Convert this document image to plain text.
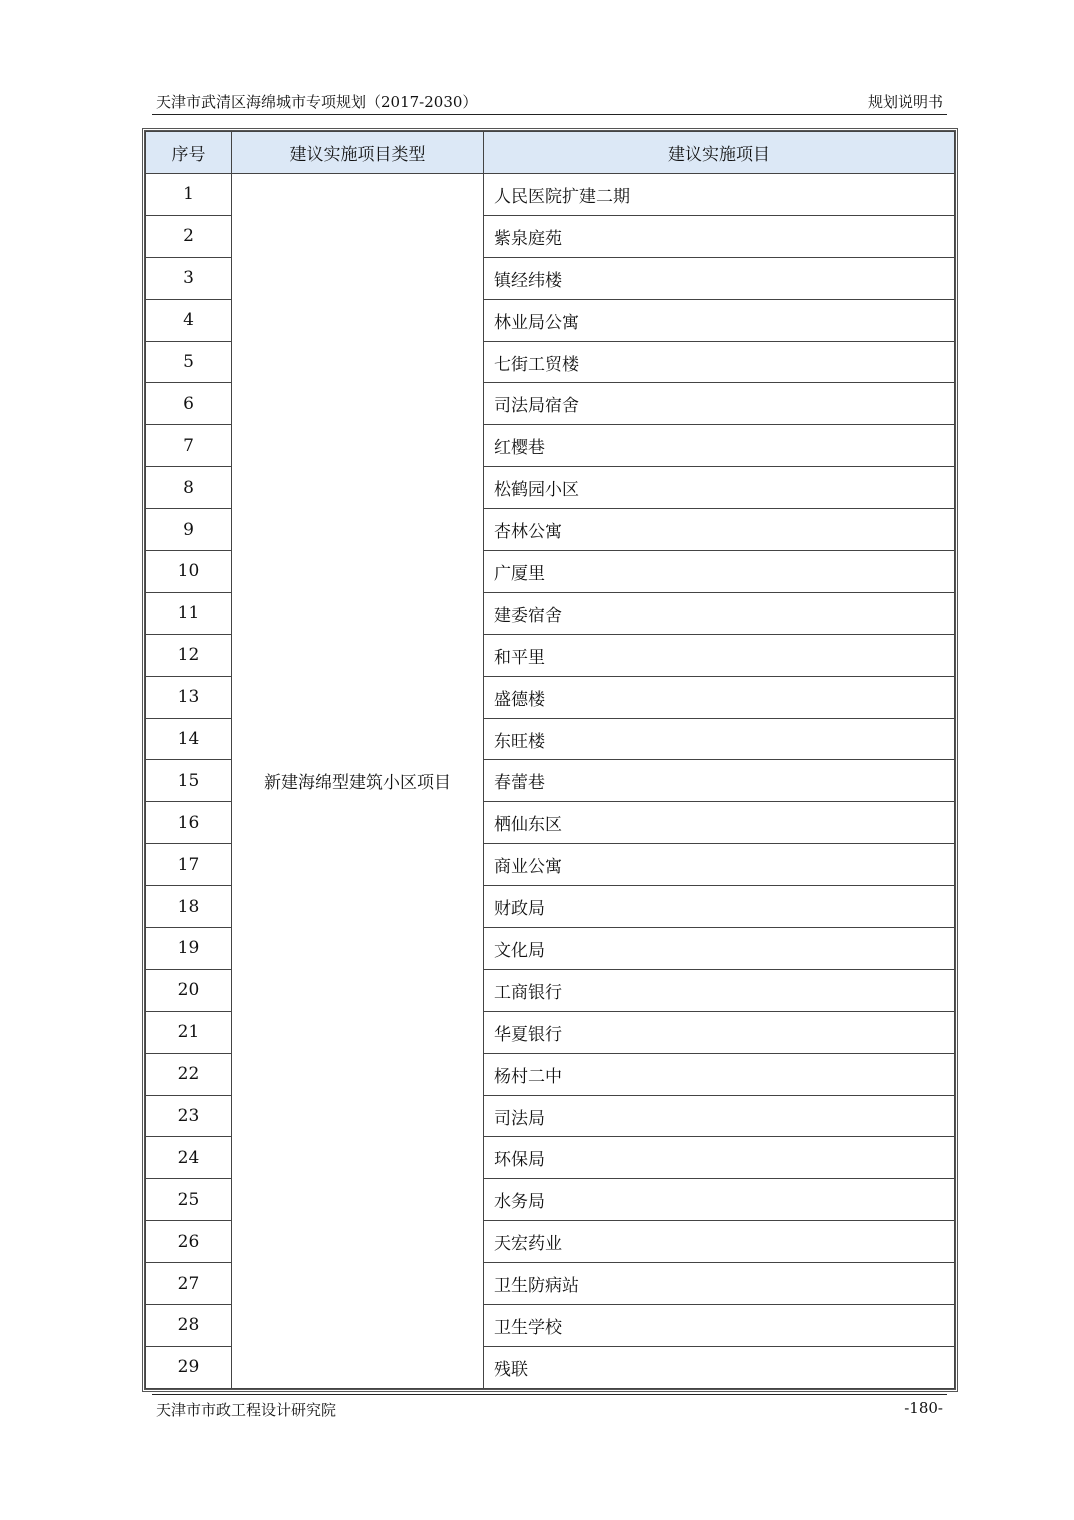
天津市武清区海绵城市专项规划（2017-2030）	规划说明书
序号	建议实施项目类型	建议实施项目
1	新建海绵型建筑小区项目	人民医院扩建二期
2		紫泉庭苑
3		镇经纬楼
4		林业局公寓
5		七街工贸楼
6		司法局宿舍
7		红樱巷
8		松鹤园小区
9		杏林公寓
10		广厦里
11		建委宿舍
12		和平里
13		盛德楼
14		东旺楼
15		春蕾巷
16		栖仙东区
17		商业公寓
18		财政局
19		文化局
20		工商银行
21		华夏银行
22		杨村二中
23		司法局
24		环保局
25		水务局
26		天宏药业
27		卫生防病站
28		卫生学校
29		残联
天津市市政工程设计研究院	-180-
